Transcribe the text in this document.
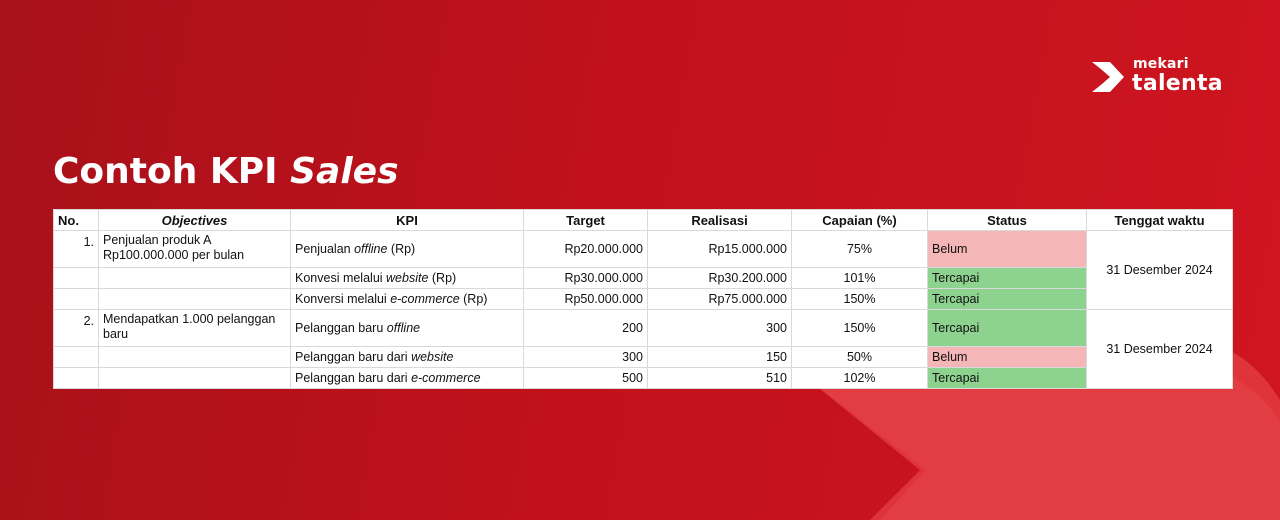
mekari
talenta
Contoh KPI Sales
No.	Objectives	KPI	Target	Realisasi	Capaian (%)	Status	Tenggat waktu
1.	Penjualan produk A Rp100.000.000 per bulan	Penjualan offline (Rp)	Rp20.000.000	Rp15.000.000	75%	Belum	31 Desember 2024
		Konvesi melalui website (Rp)	Rp30.000.000	Rp30.200.000	101%	Tercapai	
		Konversi melalui e-commerce (Rp)	Rp50.000.000	Rp75.000.000	150%	Tercapai	
2.	Mendapatkan 1.000 pelanggan baru	Pelanggan baru offline	200	300	150%	Tercapai	31 Desember 2024
		Pelanggan baru dari website	300	150	50%	Belum	
		Pelanggan baru dari e-commerce	500	510	102%	Tercapai	
